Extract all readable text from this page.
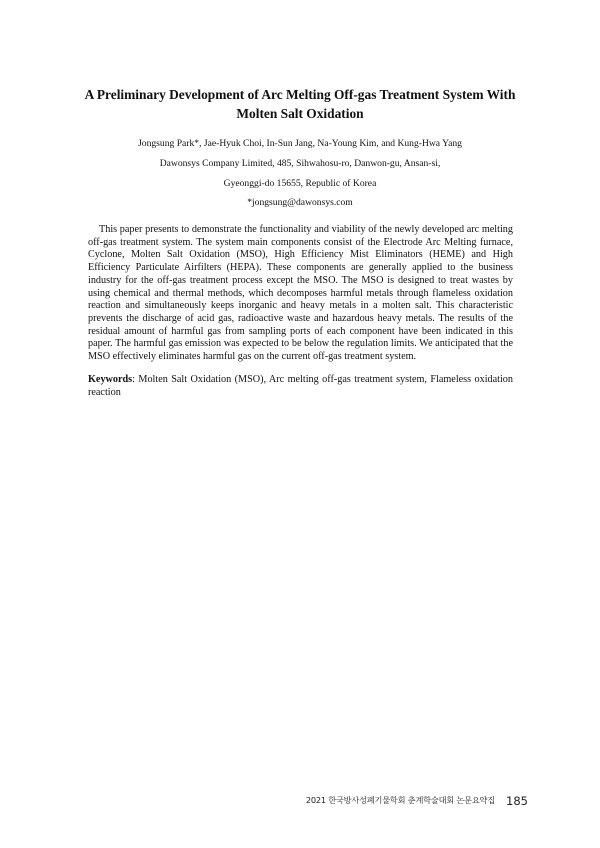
A Preliminary Development of Arc Melting Off-gas Treatment System With
Molten Salt Oxidation
Jongsung Park*, Jae-Hyuk Choi, In-Sun Jang, Na-Young Kim, and Kung-Hwa Yang
Dawonsys Company Limited, 485, Sihwahosu-ro, Danwon-gu, Ansan-si,
Gyeonggi-do 15655, Republic of Korea
*jongsung@dawonsys.com

This paper presents to demonstrate the functionality and viability of the newly developed arc melting off-gas treatment system. The system main components consist of the Electrode Arc Melting furnace, Cyclone, Molten Salt Oxidation (MSO), High Efficiency Mist Eliminators (HEME) and High Efficiency Particulate Airfilters (HEPA). These components are generally applied to the business industry for the off-gas treatment process except the MSO. The MSO is designed to treat wastes by using chemical and thermal methods, which decomposes harmful metals through flameless oxidation reaction and simultaneously keeps inorganic and heavy metals in a molten salt. This characteristic prevents the discharge of acid gas, radioactive waste and hazardous heavy metals. The results of the residual amount of harmful gas from sampling ports of each component have been indicated in this paper. The harmful gas emission was expected to be below the regulation limits. We anticipated that the MSO effectively eliminates harmful gas on the current off-gas treatment system.

Keywords: Molten Salt Oxidation (MSO), Arc melting off-gas treatment system, Flameless oxidation reaction

2021 한국방사성폐기물학회 춘계학술대회 논문요약집 185
